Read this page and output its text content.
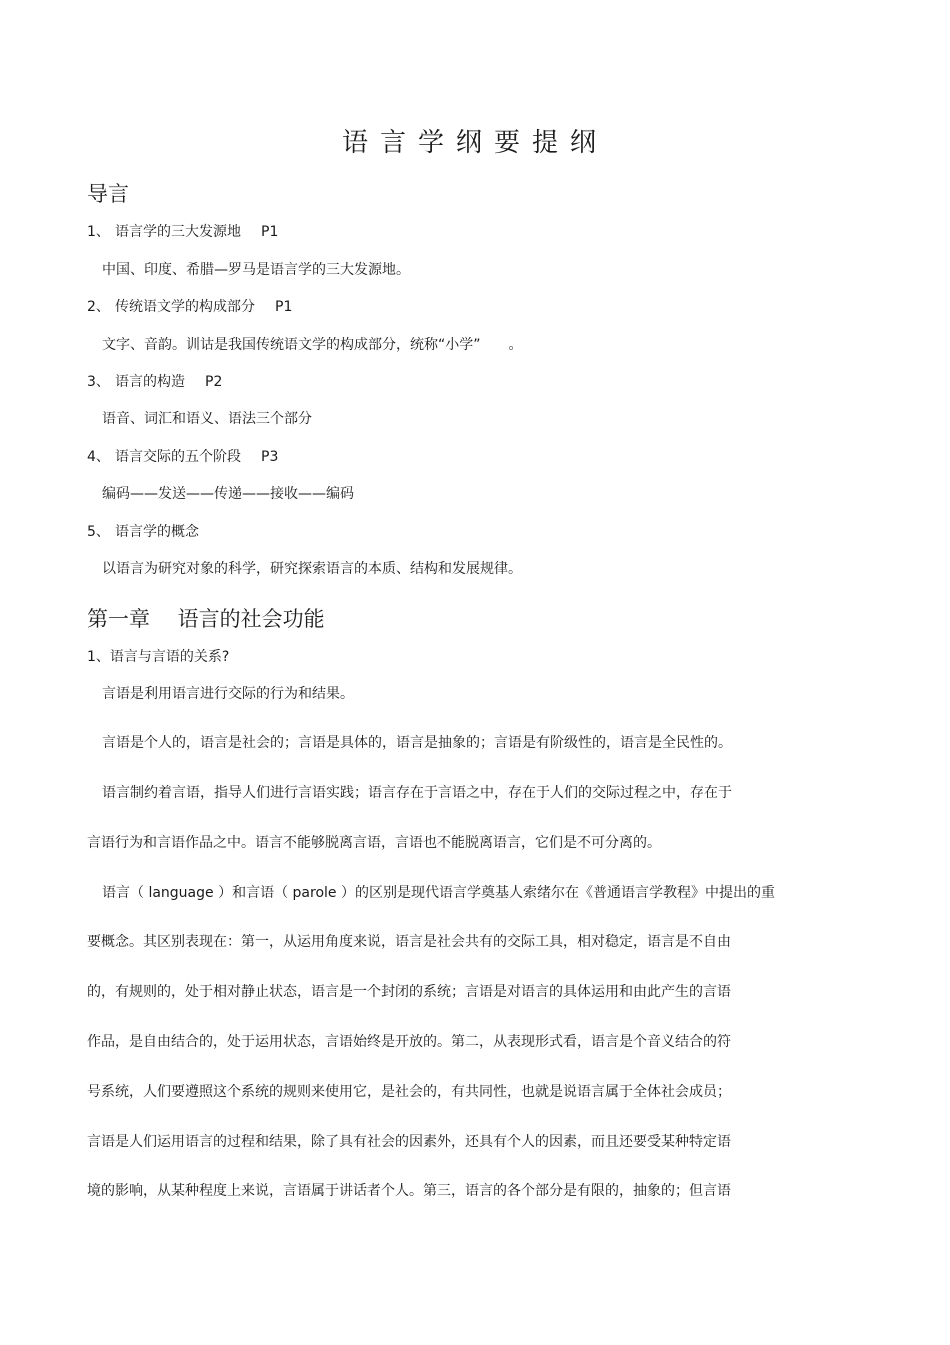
语言学纲要提纲
导言
1、 语言学的三大发源地 P1
中国、印度、希腊—罗马是语言学的三大发源地。
2、 传统语文学的构成部分 P1
文字、音韵。训诂是我国传统语文学的构成部分，统称“小学”　　。
3、 语言的构造 P2
语音、词汇和语义、语法三个部分
4、 语言交际的五个阶段 P3
编码——发送——传递——接收——编码
5、 语言学的概念
以语言为研究对象的科学，研究探索语言的本质、结构和发展规律。
第一章　 语言的社会功能
1、语言与言语的关系?
言语是利用语言进行交际的行为和结果。
言语是个人的，语言是社会的；言语是具体的，语言是抽象的；言语是有阶级性的，语言是全民性的。
语言制约着言语，指导人们进行言语实践；语言存在于言语之中，存在于人们的交际过程之中，存在于
言语行为和言语作品之中。语言不能够脱离言语，言语也不能脱离语言，它们是不可分离的。
语言（ language ）和言语（ parole ）的区别是现代语言学奠基人索绪尔在《普通语言学教程》中提出的重
要概念。其区别表现在：第一，从运用角度来说，语言是社会共有的交际工具，相对稳定，语言是不自由
的，有规则的，处于相对静止状态，语言是一个封闭的系统；言语是对语言的具体运用和由此产生的言语
作品，是自由结合的，处于运用状态，言语始终是开放的。第二，从表现形式看，语言是个音义结合的符
号系统，人们要遵照这个系统的规则来使用它，是社会的，有共同性，也就是说语言属于全体社会成员；
言语是人们运用语言的过程和结果，除了具有社会的因素外，还具有个人的因素，而且还要受某种特定语
境的影响，从某种程度上来说，言语属于讲话者个人。第三，语言的各个部分是有限的，抽象的；但言语
